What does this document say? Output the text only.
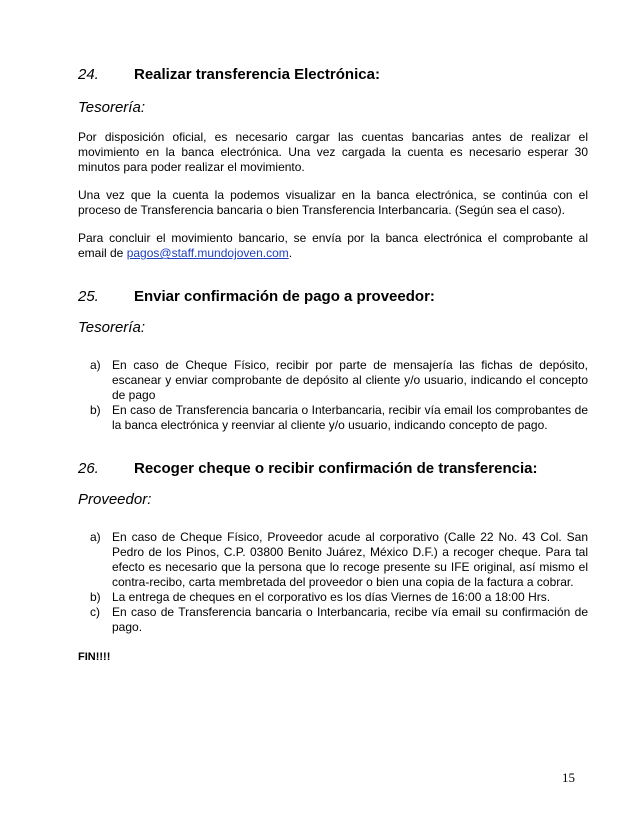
24.	Realizar transferencia Electrónica:

Tesorería:

Por disposición oficial, es necesario cargar las cuentas bancarias antes de realizar el movimiento en la banca electrónica. Una vez cargada la cuenta es necesario esperar 30 minutos para poder realizar el movimiento.

Una vez que la cuenta la podemos visualizar en la banca electrónica, se continúa con el proceso de Transferencia bancaria o bien Transferencia Interbancaria. (Según sea el caso).

Para concluir el movimiento bancario, se envía por la banca electrónica el comprobante al email de pagos@staff.mundojoven.com.

25.	Enviar confirmación de pago a proveedor:

Tesorería:

a) En caso de Cheque Físico, recibir por parte de mensajería las fichas de depósito, escanear y enviar comprobante de depósito al cliente y/o usuario, indicando el concepto de pago
b) En caso de Transferencia bancaria o Interbancaria, recibir vía email los comprobantes de la banca electrónica y reenviar al cliente y/o usuario, indicando concepto de pago.
26.	Recoger cheque o recibir confirmación de transferencia:

Proveedor:

a) En caso de Cheque Físico, Proveedor acude al corporativo (Calle 22 No. 43 Col. San Pedro de los Pinos, C.P. 03800 Benito Juárez, México D.F.) a recoger cheque. Para tal efecto es necesario que la persona que lo recoge presente su IFE original, así mismo el contra-recibo, carta membretada del proveedor o bien una copia de la factura a cobrar.
b) La entrega de cheques en el corporativo es los días Viernes de 16:00 a 18:00 Hrs.
c) En caso de Transferencia bancaria o Interbancaria, recibe vía email su confirmación de pago.

FIN!!!!

15
